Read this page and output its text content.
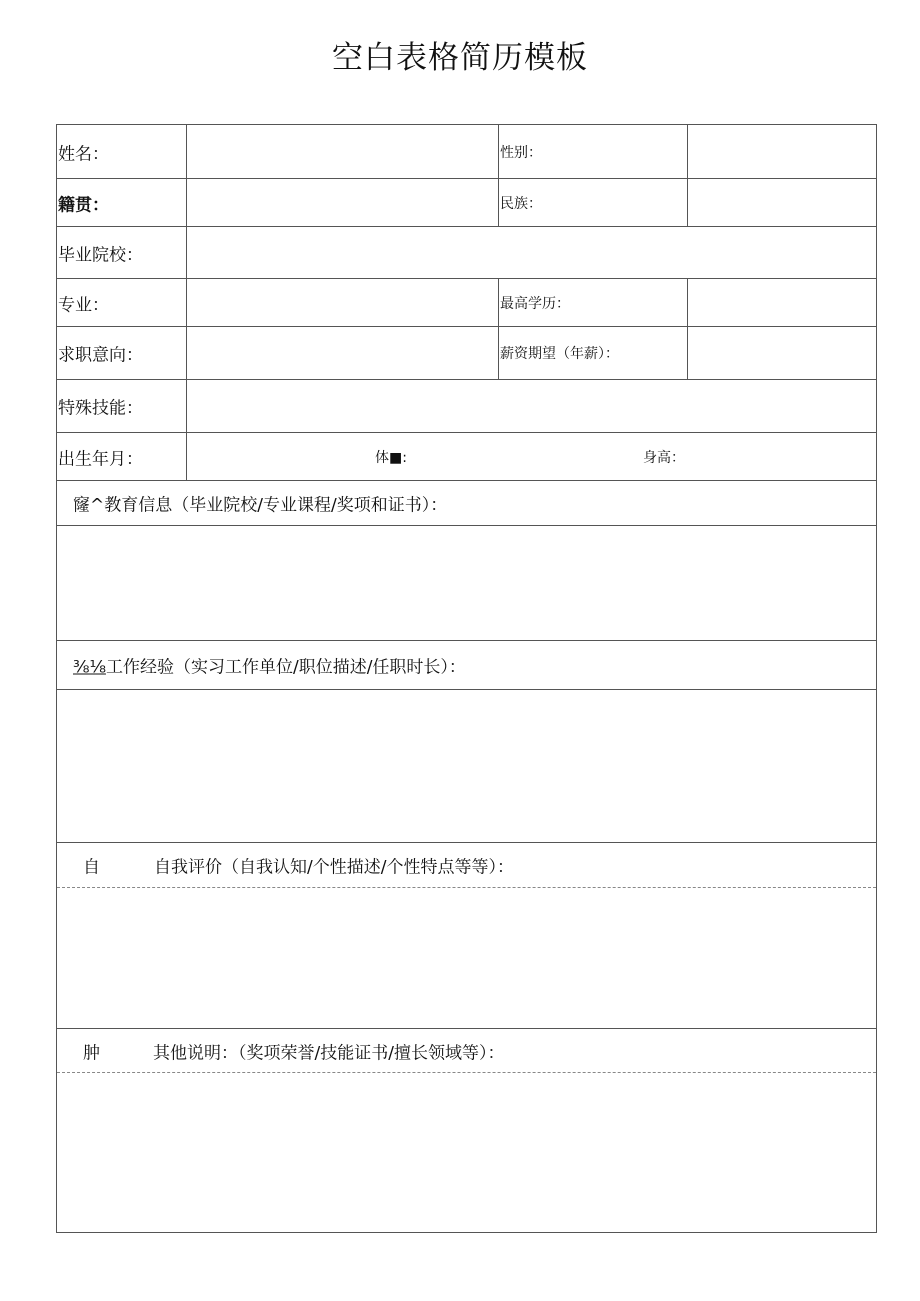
空白表格简历模板
姓名：	性别：
籍贯：	民族：
毕业院校：
专业：	最高学历：
求职意向：	薪资期望（年薪）：
特殊技能：
出生年月：	体■:	身高：
窿^教育信息（毕业院校/专业课程/奖项和证书）：
⅜⅛工作经验（实习工作单位/职位描述/任职时长）：
自	自我评价（自我认知/个性描述/个性特点等等）：
肿	其他说明：（奖项荣誉/技能证书/擅长领域等）：
